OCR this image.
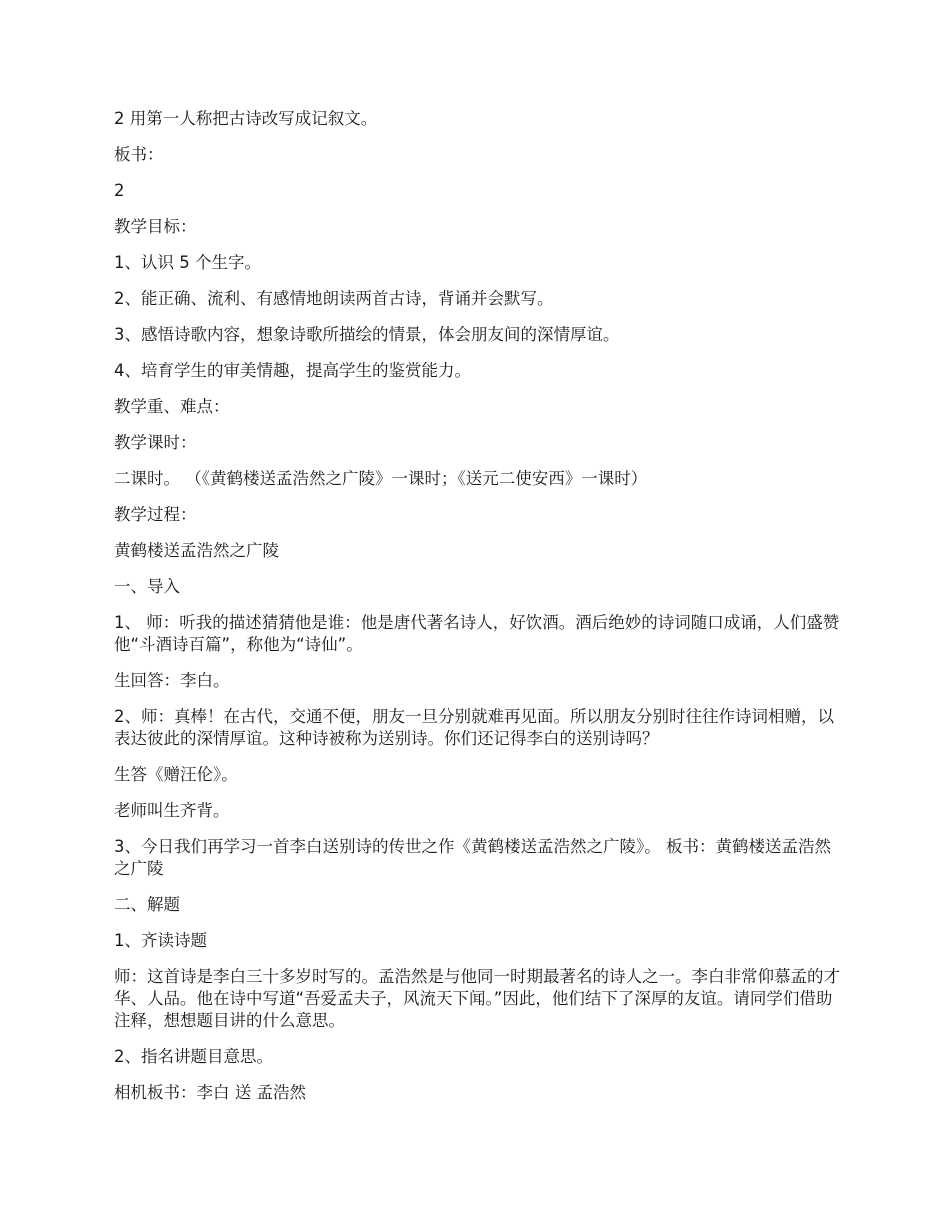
2 用第一人称把古诗改写成记叙文。

板书：

2

教学目标：

1、认识 5 个生字。

2、能正确、流利、有感情地朗读两首古诗，背诵并会默写。

3、感悟诗歌内容，想象诗歌所描绘的情景，体会朋友间的深情厚谊。

4、培育学生的审美情趣，提高学生的鉴赏能力。

教学重、难点：

教学课时：

二课时。 （《黄鹤楼送孟浩然之广陵》一课时；《送元二使安西》一课时）

教学过程：

黄鹤楼送孟浩然之广陵

一、导入

1、 师：听我的描述猜猜他是谁：他是唐代著名诗人，好饮酒。酒后绝妙的诗词随口成诵，人们盛赞他“斗酒诗百篇”，称他为“诗仙”。

生回答：李白。

2、师：真棒！在古代，交通不便，朋友一旦分别就难再见面。所以朋友分别时往往作诗词相赠，以表达彼此的深情厚谊。这种诗被称为送别诗。你们还记得李白的送别诗吗？

生答《赠汪伦》。

老师叫生齐背。

3、今日我们再学习一首李白送别诗的传世之作《黄鹤楼送孟浩然之广陵》。 板书：黄鹤楼送孟浩然之广陵

二、解题

1、齐读诗题

师：这首诗是李白三十多岁时写的。孟浩然是与他同一时期最著名的诗人之一。李白非常仰慕孟的才华、人品。他在诗中写道“吾爱孟夫子，风流天下闻。”因此，他们结下了深厚的友谊。请同学们借助注释，想想题目讲的什么意思。

2、指名讲题目意思。

相机板书：李白 送 孟浩然
